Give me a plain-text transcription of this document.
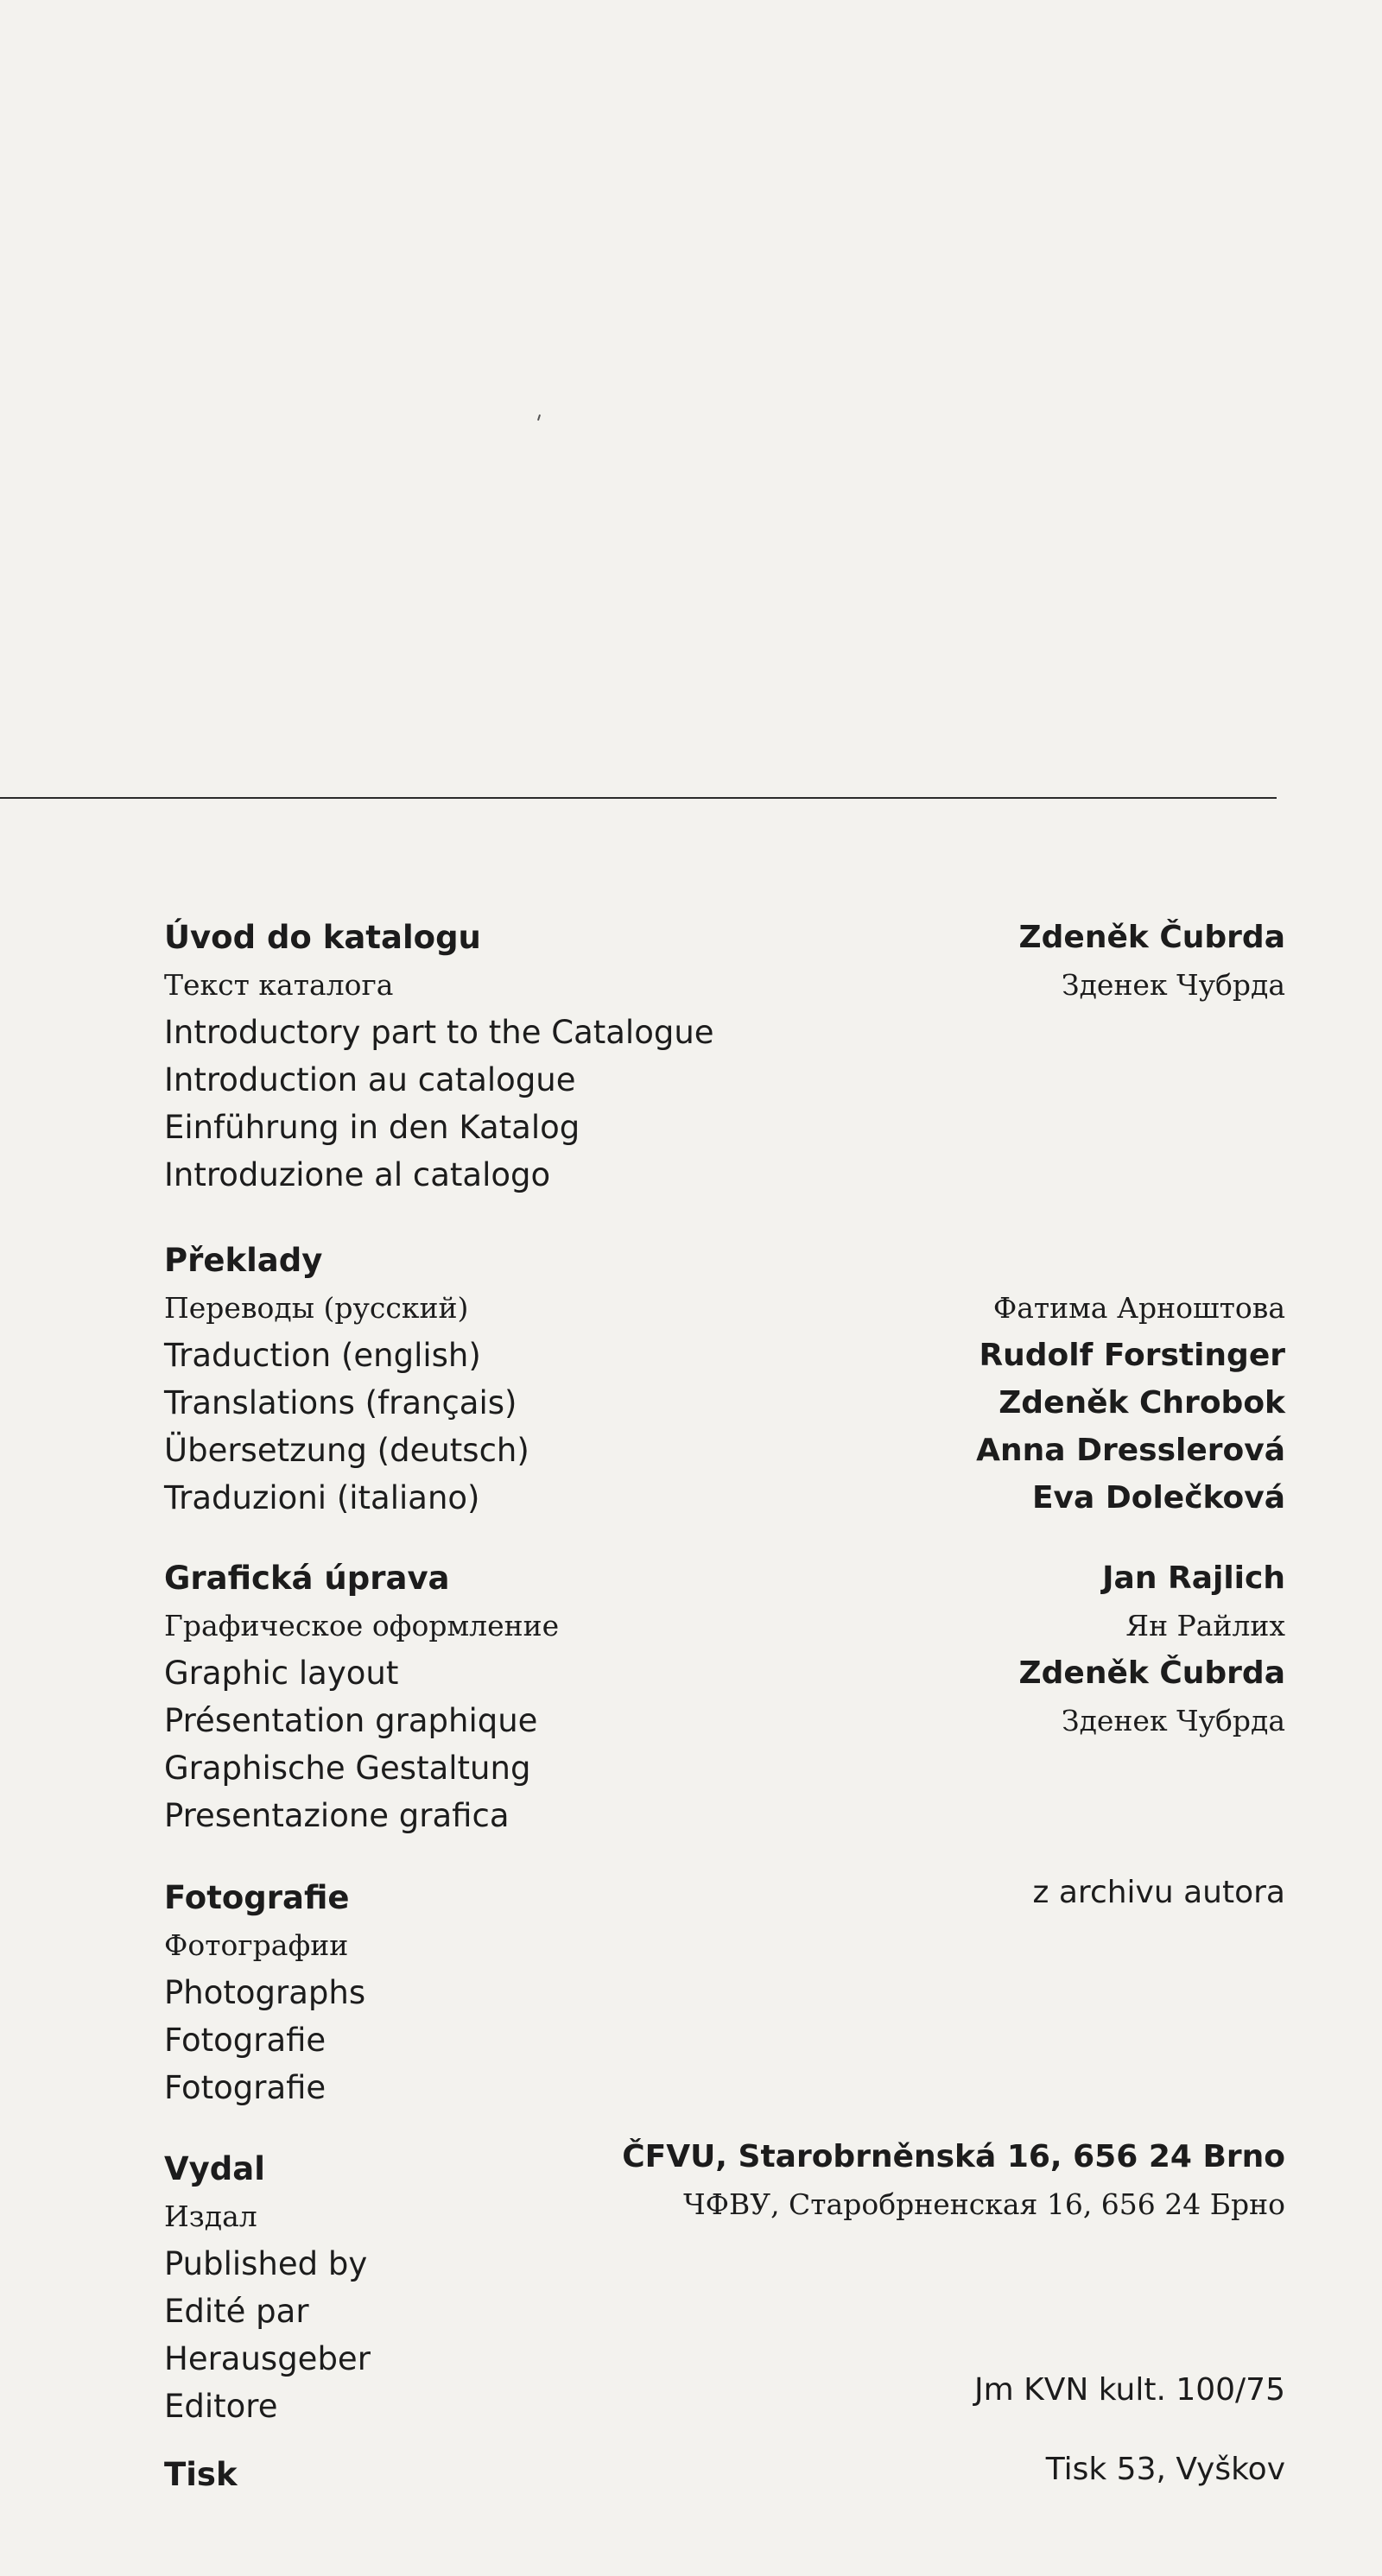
Úvod do katalogu
Текст каталога
Introductory part to the Catalogue
Introduction au catalogue
Einführung in den Katalog
Introduzione al catalogo
Zdeněk Čubrda
Зденек Чубрда
Překlady
Переводы (русский)
Traduction (english)
Translations (français)
Übersetzung (deutsch)
Traduzioni (italiano)
Фатима Арноштова
Rudolf Forstinger
Zdeněk Chrobok
Anna Dresslerová
Eva Dolečková
Grafická úprava
Графическое оформление
Graphic layout
Présentation graphique
Graphische Gestaltung
Presentazione grafica
Jan Rajlich
Ян Райлих
Zdeněk Čubrda
Зденек Чубрда
Fotografie
Фотографии
Photographs
Fotografie
Fotografie
z archivu autora
Vydal
Издал
Published by
Edité par
Herausgeber
Editore
ČFVU, Starobrněnská 16, 656 24 Brno
ЧФВУ, Старобрненская 16, 656 24 Брно
Jm KVN kult. 100/75
Tisk	Tisk 53, Vyškov
